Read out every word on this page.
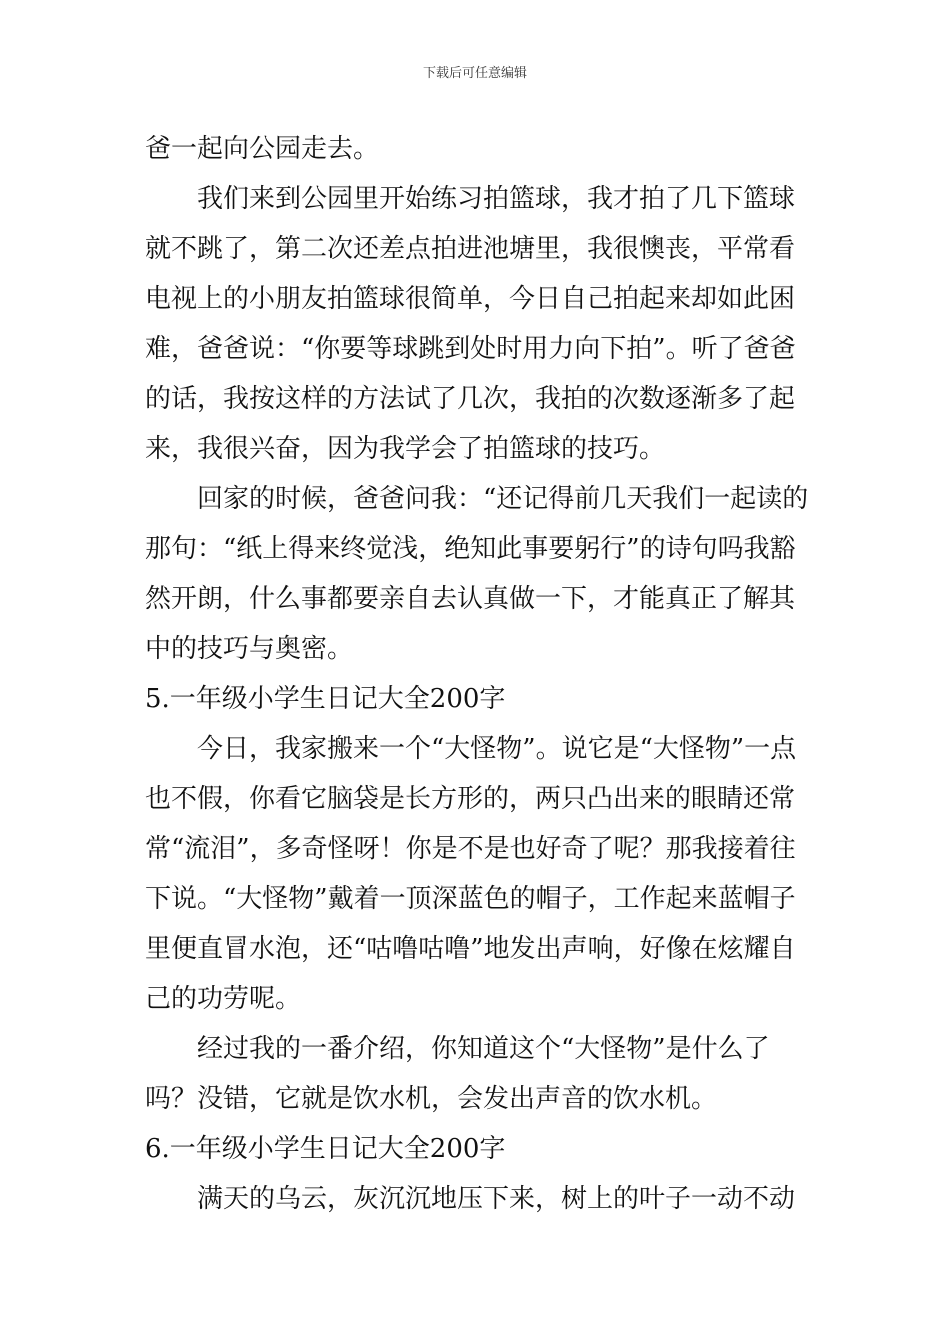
下载后可任意编辑

爸一起向公园走去。

我们来到公园里开始练习拍篮球，我才拍了几下篮球就不跳了，第二次还差点拍进池塘里，我很懊丧，平常看电视上的小朋友拍篮球很简单，今日自己拍起来却如此困难，爸爸说：“你要等球跳到处时用力向下拍”。听了爸爸的话，我按这样的方法试了几次，我拍的次数逐渐多了起来，我很兴奋，因为我学会了拍篮球的技巧。

回家的时候，爸爸问我：“还记得前几天我们一起读的那句：“纸上得来终觉浅，绝知此事要躬行”的诗句吗我豁然开朗，什么事都要亲自去认真做一下，才能真正了解其中的技巧与奥密。

5.一年级小学生日记大全200字

今日，我家搬来一个“大怪物”。说它是“大怪物”一点也不假，你看它脑袋是长方形的，两只凸出来的眼睛还常常“流泪”，多奇怪呀！你是不是也好奇了呢？那我接着往下说。“大怪物”戴着一顶深蓝色的帽子，工作起来蓝帽子里便直冒水泡，还“咕噜咕噜”地发出声响，好像在炫耀自己的功劳呢。

经过我的一番介绍，你知道这个“大怪物”是什么了吗？没错，它就是饮水机，会发出声音的饮水机。

6.一年级小学生日记大全200字

满天的乌云，灰沉沉地压下来，树上的叶子一动不动
